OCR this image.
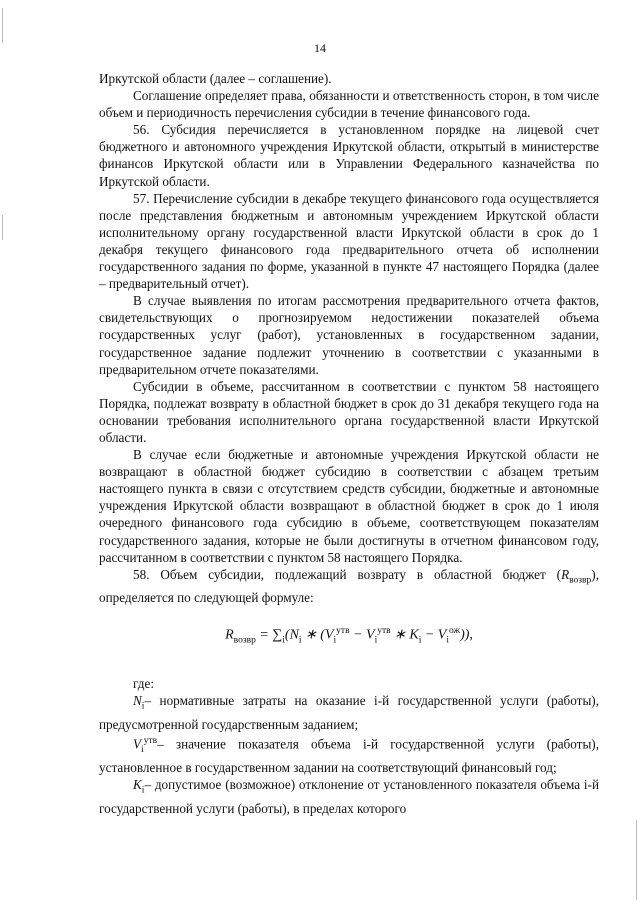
14

Иркутской области (далее – соглашение).

Соглашение определяет права, обязанности и ответственность сторон, в том числе объем и периодичность перечисления субсидии в течение финансового года.

56. Субсидия перечисляется в установленном порядке на лицевой счет бюджетного и автономного учреждения Иркутской области, открытый в министерстве финансов Иркутской области или в Управлении Федерального казначейства по Иркутской области.

57. Перечисление субсидии в декабре текущего финансового года осуществляется после представления бюджетным и автономным учреждением Иркутской области исполнительному органу государственной власти Иркутской области в срок до 1 декабря текущего финансового года предварительного отчета об исполнении государственного задания по форме, указанной в пункте 47 настоящего Порядка (далее – предварительный отчет).

В случае выявления по итогам рассмотрения предварительного отчета фактов, свидетельствующих о прогнозируемом недостижении показателей объема государственных услуг (работ), установленных в государственном задании, государственное задание подлежит уточнению в соответствии с указанными в предварительном отчете показателями.

Субсидии в объеме, рассчитанном в соответствии с пунктом 58 настоящего Порядка, подлежат возврату в областной бюджет в срок до 31 декабря текущего года на основании требования исполнительного органа государственной власти Иркутской области.

В случае если бюджетные и автономные учреждения Иркутской области не возвращают в областной бюджет субсидию в соответствии с абзацем третьим настоящего пункта в связи с отсутствием средств субсидии, бюджетные и автономные учреждения Иркутской области возвращают в областной бюджет в срок до 1 июля очередного финансового года субсидию в объеме, соответствующем показателям государственного задания, которые не были достигнуты в отчетном финансовом году, рассчитанном в соответствии с пунктом 58 настоящего Порядка.

58. Объем субсидии, подлежащий возврату в областной бюджет $(R_{возвр})$, определяется по следующей формуле:

$R_{возвр} = \sum_i(N_i$ ∗ ($V_i^{утв} - V_i^{утв}$ ∗ $K_i - V_i^{ож}$)),

где:

$N_i-$ нормативные затраты на оказание i-й государственной услуги (работы), предусмотренной государственным заданием;

$V_i^{утв}-$ значение показателя объема i-й государственной услуги (работы), установленное в государственном задании на соответствующий финансовый год;

$K_i-$ допустимое (возможное) отклонение от установленного показателя объема i-й государственной услуги (работы), в пределах которого
